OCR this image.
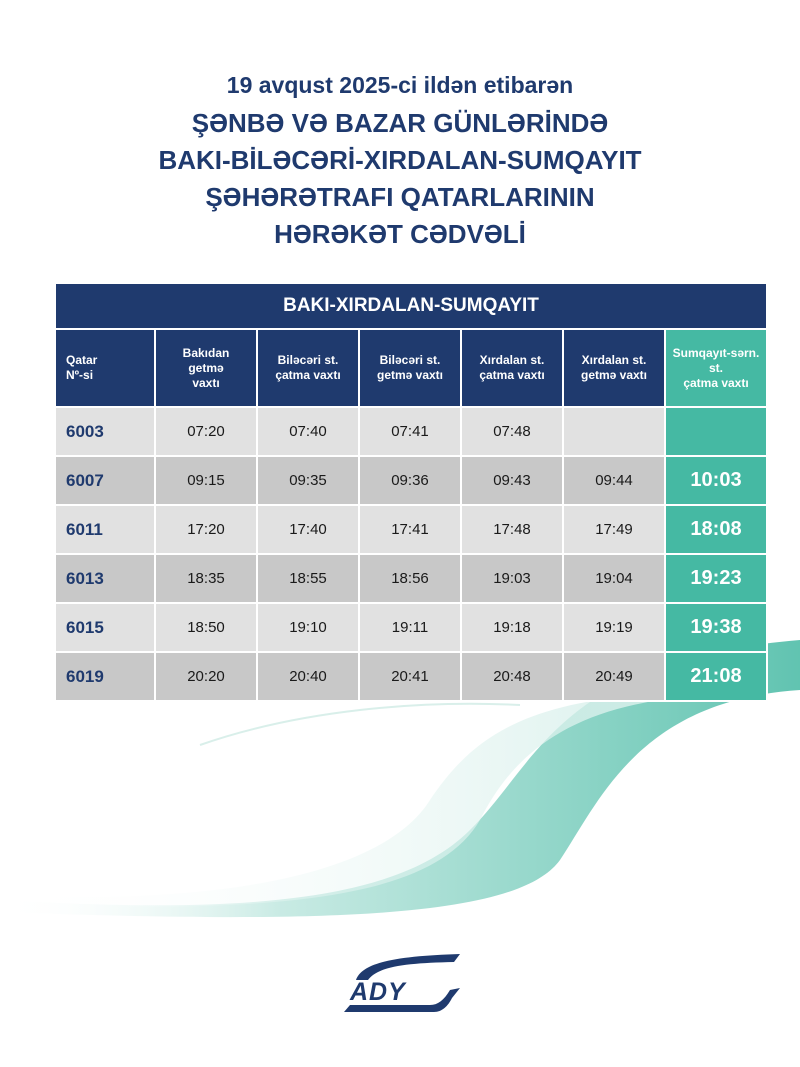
19 avqust 2025-ci ildən etibarən

ŞƏNBƏ VƏ BAZAR GÜNLƏRİNDƏ

BAKI-BİLƏCƏRİ-XIRDALAN-SUMQAYIT

ŞƏHƏRƏTRAFI QATARLARININ

HƏRƏKƏT CƏDVƏLİ

BAKI-XIRDALAN-SUMQAYIT						
Qatar
Nº-si	Bakıdan
getmə
vaxtı	Biləcəri st.
çatma vaxtı	Biləcəri st.
getmə vaxtı	Xırdalan st.
çatma vaxtı	Xırdalan st.
getmə vaxtı	Sumqayıt-sərn.
st.
çatma vaxtı
6003	07:20	07:40	07:41	07:48		
6007	09:15	09:35	09:36	09:43	09:44	10:03
6011	17:20	17:40	17:41	17:48	17:49	18:08
6013	18:35	18:55	18:56	19:03	19:04	19:23
6015	18:50	19:10	19:11	19:18	19:19	19:38
6019	20:20	20:40	20:41	20:48	20:49	21:08
ADY
